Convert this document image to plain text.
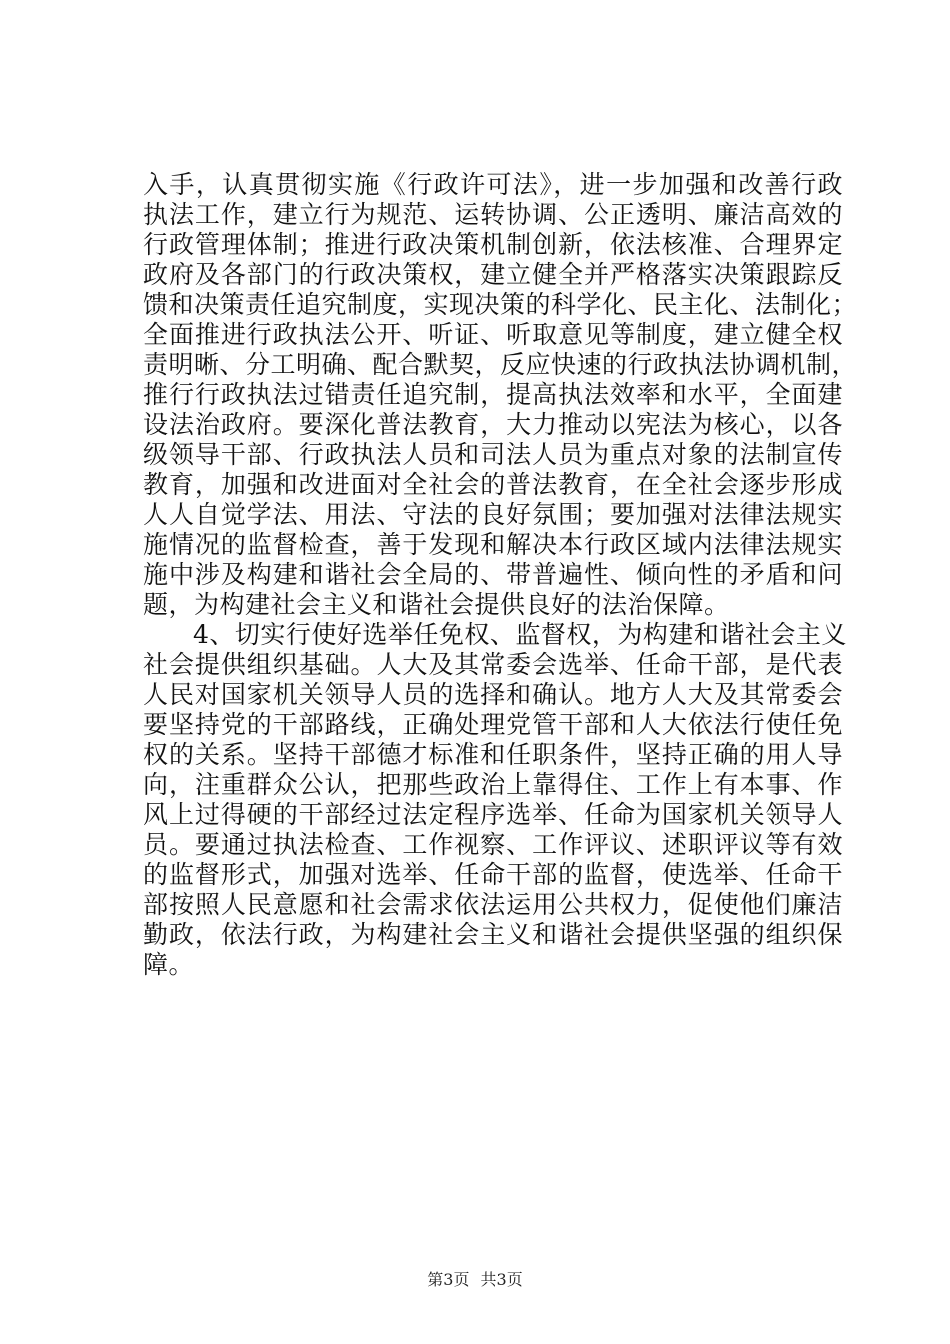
入手，认真贯彻实施《行政许可法》，进一步加强和改善行政
执法工作，建立行为规范、运转协调、公正透明、廉洁高效的
行政管理体制；推进行政决策机制创新，依法核准、合理界定
政府及各部门的行政决策权，建立健全并严格落实决策跟踪反
馈和决策责任追究制度，实现决策的科学化、民主化、法制化；
全面推进行政执法公开、听证、听取意见等制度，建立健全权
责明晰、分工明确、配合默契，反应快速的行政执法协调机制，
推行行政执法过错责任追究制，提高执法效率和水平，全面建
设法治政府。要深化普法教育，大力推动以宪法为核心，以各
级领导干部、行政执法人员和司法人员为重点对象的法制宣传
教育，加强和改进面对全社会的普法教育，在全社会逐步形成
人人自觉学法、用法、守法的良好氛围；要加强对法律法规实
施情况的监督检查，善于发现和解决本行政区域内法律法规实
施中涉及构建和谐社会全局的、带普遍性、倾向性的矛盾和问
题，为构建社会主义和谐社会提供良好的法治保障。
4、切实行使好选举任免权、监督权，为构建和谐社会主义
社会提供组织基础。人大及其常委会选举、任命干部，是代表
人民对国家机关领导人员的选择和确认。地方人大及其常委会
要坚持党的干部路线，正确处理党管干部和人大依法行使任免
权的关系。坚持干部德才标准和任职条件，坚持正确的用人导
向，注重群众公认，把那些政治上靠得住、工作上有本事、作
风上过得硬的干部经过法定程序选举、任命为国家机关领导人
员。要通过执法检查、工作视察、工作评议、述职评议等有效
的监督形式，加强对选举、任命干部的监督，使选举、任命干
部按照人民意愿和社会需求依法运用公共权力，促使他们廉洁
勤政，依法行政，为构建社会主义和谐社会提供坚强的组织保
障。
第3页 共3页
